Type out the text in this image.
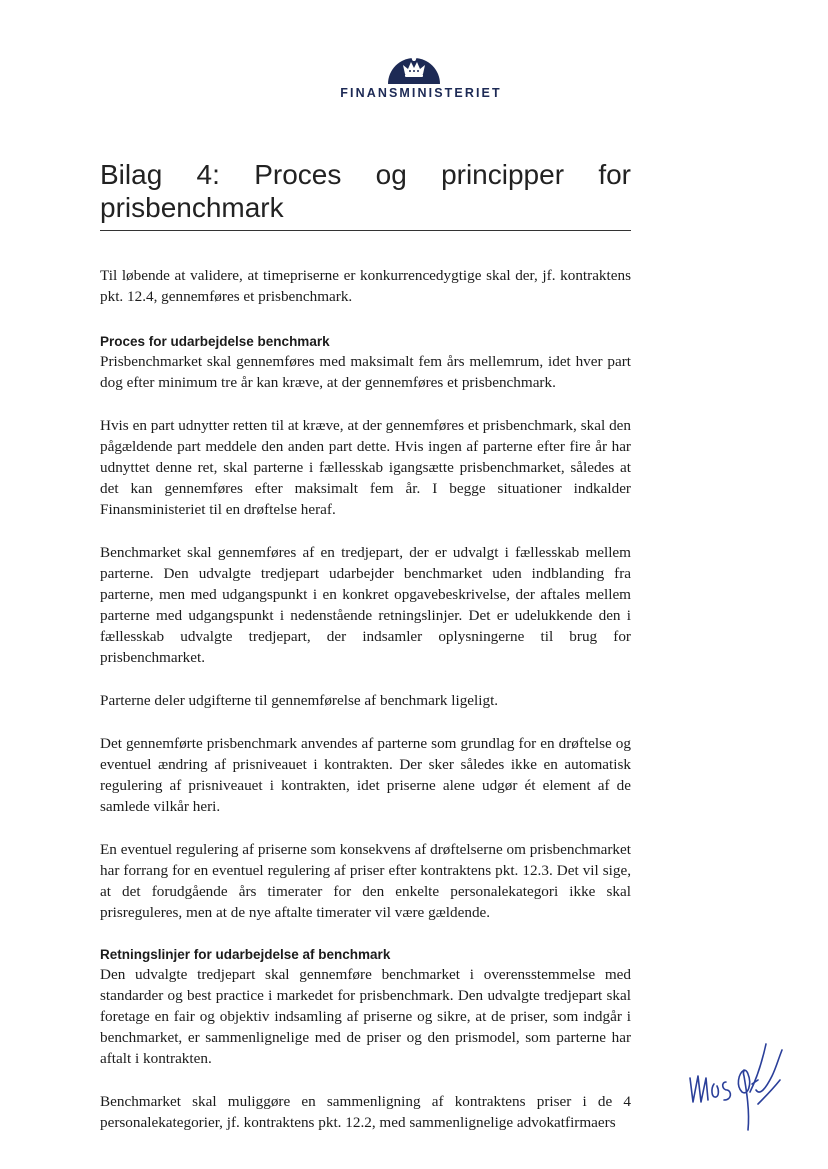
FINANSMINISTERIET
Bilag 4: Proces og principper for prisbenchmark

Til løbende at validere, at timepriserne er konkurrencedygtige skal der, jf. kontraktens pkt. 12.4, gennemføres et prisbenchmark.

Proces for udarbejdelse benchmark

Prisbenchmarket skal gennemføres med maksimalt fem års mellemrum, idet hver part dog efter minimum tre år kan kræve, at der gennemføres et prisbenchmark.

Hvis en part udnytter retten til at kræve, at der gennemføres et prisbenchmark, skal den pågældende part meddele den anden part dette. Hvis ingen af parterne efter fire år har udnyttet denne ret, skal parterne i fællesskab igangsætte prisbenchmarket, således at det kan gennemføres efter maksimalt fem år. I begge situationer indkalder Finansministeriet til en drøftelse heraf.

Benchmarket skal gennemføres af en tredjepart, der er udvalgt i fællesskab mellem parterne. Den udvalgte tredjepart udarbejder benchmarket uden indblanding fra parterne, men med udgangspunkt i en konkret opgavebeskrivelse, der aftales mellem parterne med udgangspunkt i nedenstående retningslinjer. Det er udelukkende den i fællesskab udvalgte tredjepart, der indsamler oplysningerne til brug for prisbenchmarket.

Parterne deler udgifterne til gennemførelse af benchmark ligeligt.

Det gennemførte prisbenchmark anvendes af parterne som grundlag for en drøftelse og eventuel ændring af prisniveauet i kontrakten. Der sker således ikke en automatisk regulering af prisniveauet i kontrakten, idet priserne alene udgør ét element af de samlede vilkår heri.

En eventuel regulering af priserne som konsekvens af drøftelserne om prisbenchmarket har forrang for en eventuel regulering af priser efter kontraktens pkt. 12.3. Det vil sige, at det forudgående års timerater for den enkelte personalekategori ikke skal prisreguleres, men at de nye aftalte timerater vil være gældende.

Retningslinjer for udarbejdelse af benchmark

Den udvalgte tredjepart skal gennemføre benchmarket i overensstemmelse med standarder og best practice i markedet for prisbenchmark. Den udvalgte tredjepart skal foretage en fair og objektiv indsamling af priserne og sikre, at de priser, som indgår i benchmarket, er sammenlignelige med de priser og den prismodel, som parterne har aftalt i kontrakten.

Benchmarket skal muliggøre en sammenligning af kontraktens priser i de 4 personalekategorier, jf. kontraktens pkt. 12.2, med sammenlignelige advokatfirmaers
